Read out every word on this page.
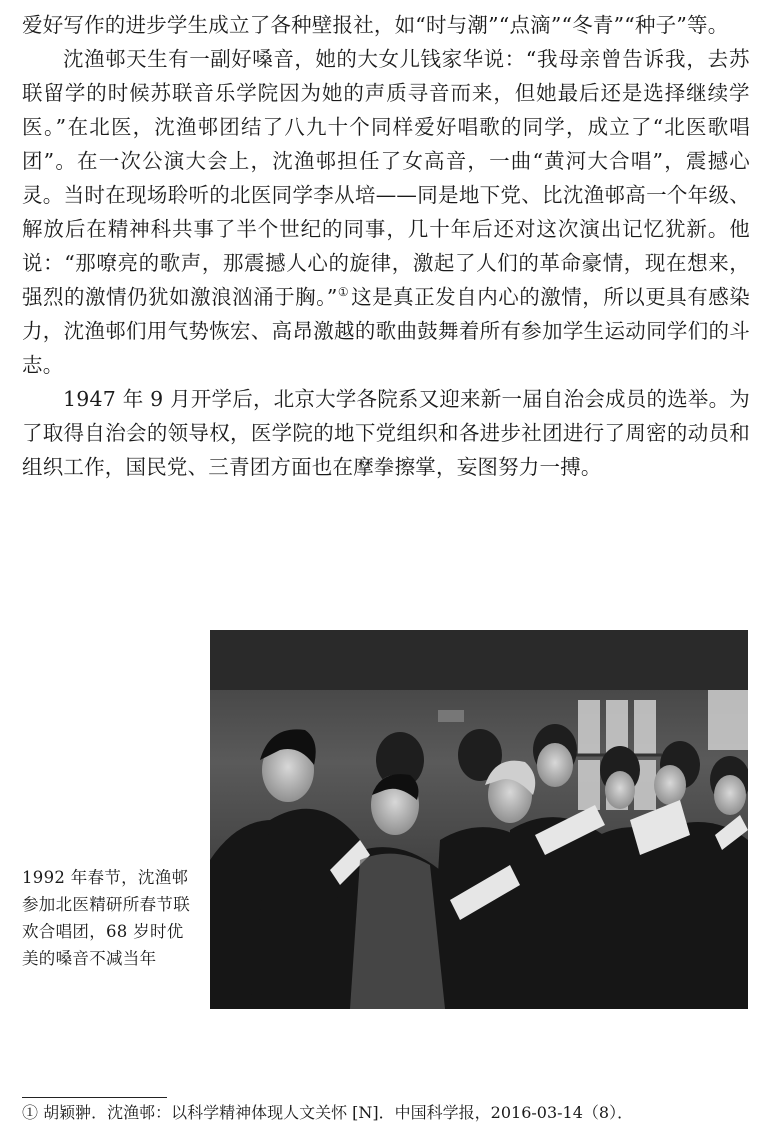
爱好写作的进步学生成立了各种壁报社，如“时与潮”“点滴”“冬青”“种子”等。

沈渔邨天生有一副好嗓音，她的大女儿钱家华说：“我母亲曾告诉我，去苏联留学的时候苏联音乐学院因为她的声质寻音而来，但她最后还是选择继续学医。”在北医，沈渔邨团结了八九十个同样爱好唱歌的同学，成立了“北医歌唱团”。在一次公演大会上，沈渔邨担任了女高音，一曲“黄河大合唱”，震撼心灵。当时在现场聆听的北医同学李从培——同是地下党、比沈渔邨高一个年级、解放后在精神科共事了半个世纪的同事，几十年后还对这次演出记忆犹新。他说：“那嘹亮的歌声，那震撼人心的旋律，激起了人们的革命豪情，现在想来，强烈的激情仍犹如激浪汹涌于胸。”①这是真正发自内心的激情，所以更具有感染力，沈渔邨们用气势恢宏、高昂激越的歌曲鼓舞着所有参加学生运动同学们的斗志。

1947 年 9 月开学后，北京大学各院系又迎来新一届自治会成员的选举。为了取得自治会的领导权，医学院的地下党组织和各进步社团进行了周密的动员和组织工作，国民党、三青团方面也在摩拳擦掌，妄图努力一搏。

1992 年春节，沈渔邨参加北医精研所春节联欢合唱团，68 岁时优美的嗓音不减当年
① 胡颖翀．沈渔邨：以科学精神体现人文关怀 [N]．中国科学报，2016-03-14（8）．
